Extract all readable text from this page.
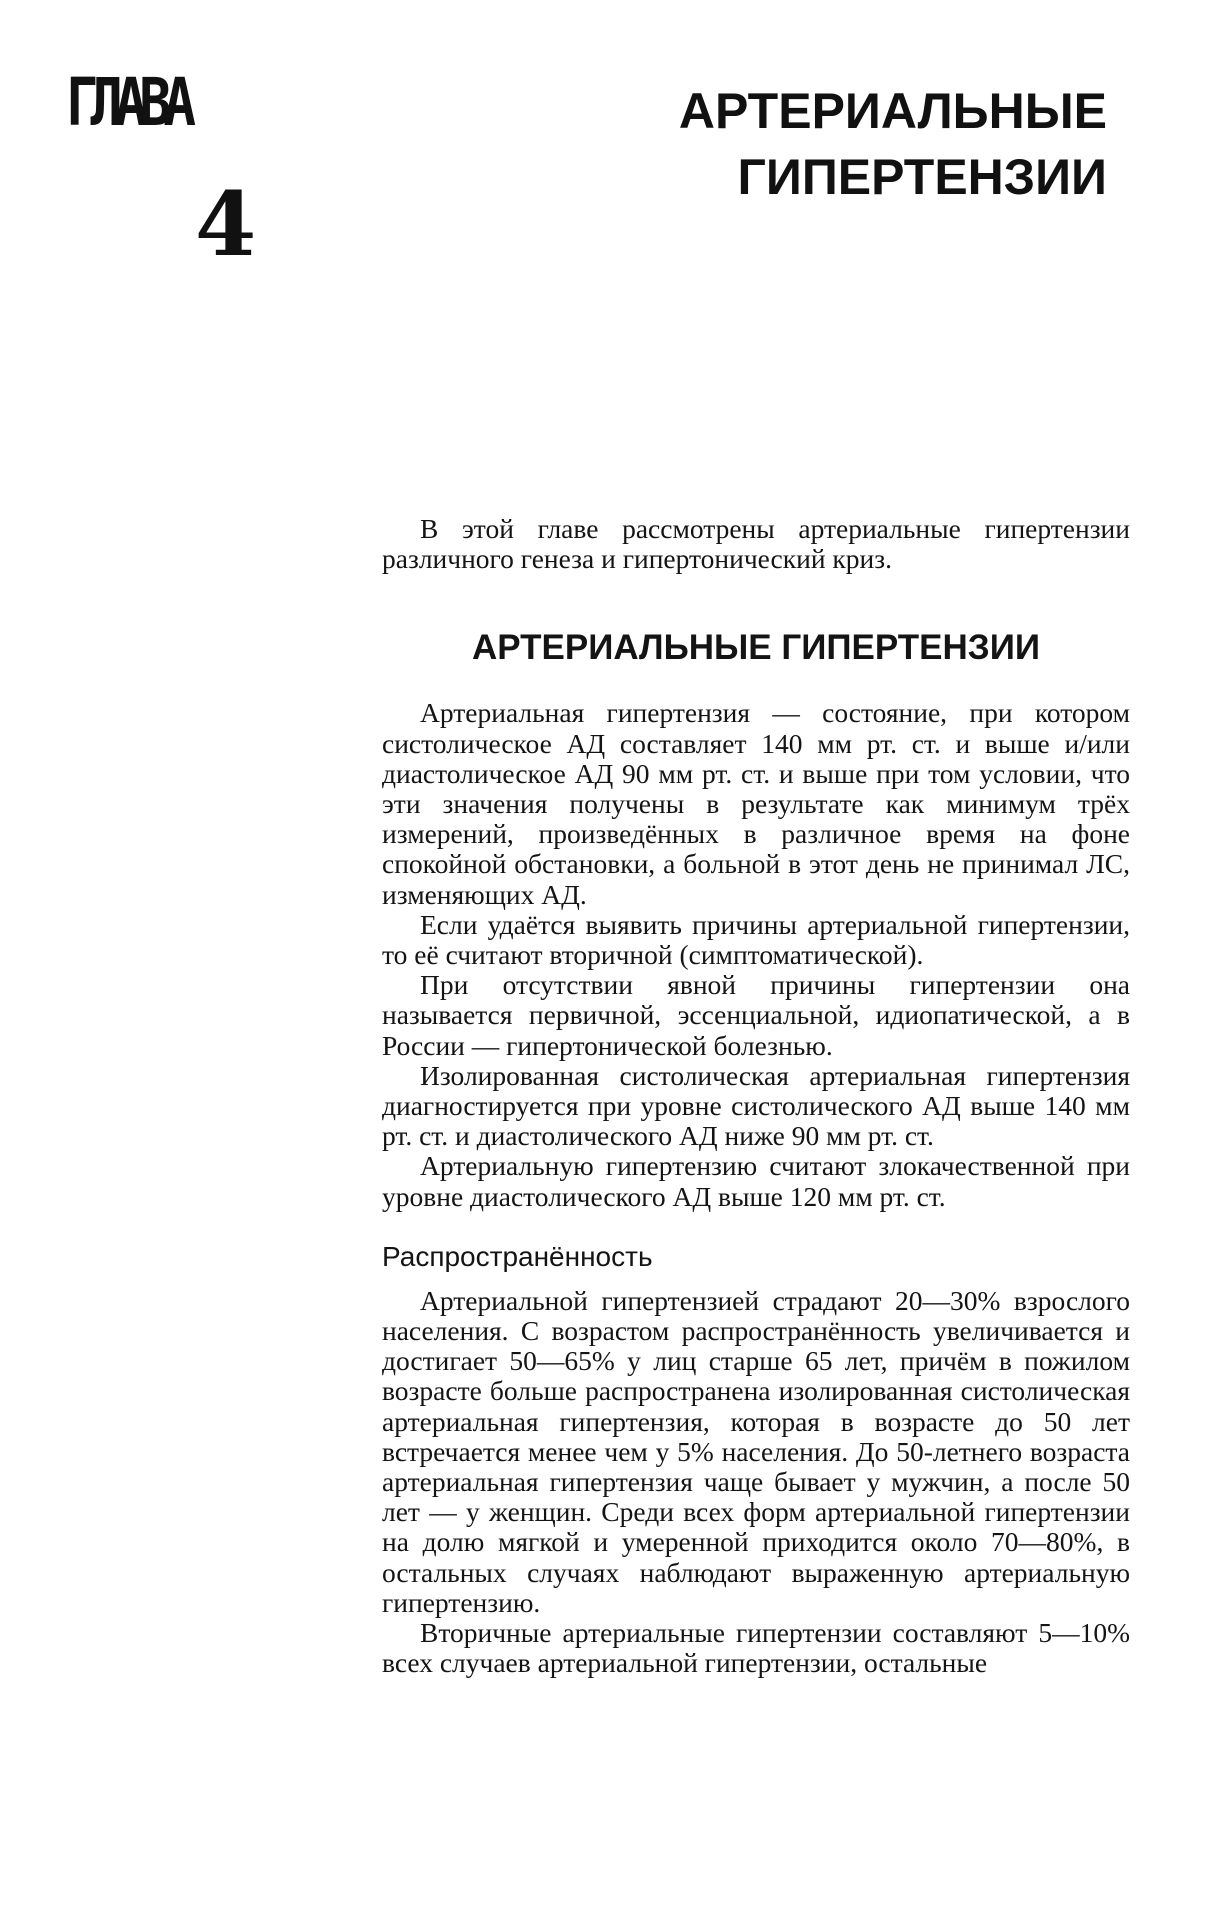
ГЛАВА
4
АРТЕРИАЛЬНЫЕ
ГИПЕРТЕНЗИИ

В этой главе рассмотрены артериальные гипертензии различного генеза и гипертонический криз.

АРТЕРИАЛЬНЫЕ ГИПЕРТЕНЗИИ

Артериальная гипертензия — состояние, при котором систолическое АД составляет 140 мм рт. ст. и выше и/или диастолическое АД 90 мм рт. ст. и выше при том условии, что эти значения получены в результате как минимум трёх измерений, произведённых в различное время на фоне спокойной обстановки, а больной в этот день не принимал ЛС, изменяющих АД.

Если удаётся выявить причины артериальной гипертензии, то её считают вторичной (симптоматической).

При отсутствии явной причины гипертензии она называется первичной, эссенциальной, идиопатической, а в России — гипертонической болезнью.

Изолированная систолическая артериальная гипертензия диагностируется при уровне систолического АД выше 140 мм рт. ст. и диастолического АД ниже 90 мм рт. ст.

Артериальную гипертензию считают злокачественной при уровне диастолического АД выше 120 мм рт. ст.

Распространённость

Артериальной гипертензией страдают 20—30% взрослого населения. С возрастом распространённость увеличивается и достигает 50—65% у лиц старше 65 лет, причём в пожилом возрасте больше распространена изолированная систолическая артериальная гипертензия, которая в возрасте до 50 лет встречается менее чем у 5% населения. До 50-летнего возраста артериальная гипертензия чаще бывает у мужчин, а после 50 лет — у женщин. Среди всех форм артериальной гипертензии на долю мягкой и умеренной приходится около 70—80%, в остальных случаях наблюдают выраженную артериальную гипертензию.

Вторичные артериальные гипертензии составляют 5—10% всех случаев артериальной гипертензии, остальные
